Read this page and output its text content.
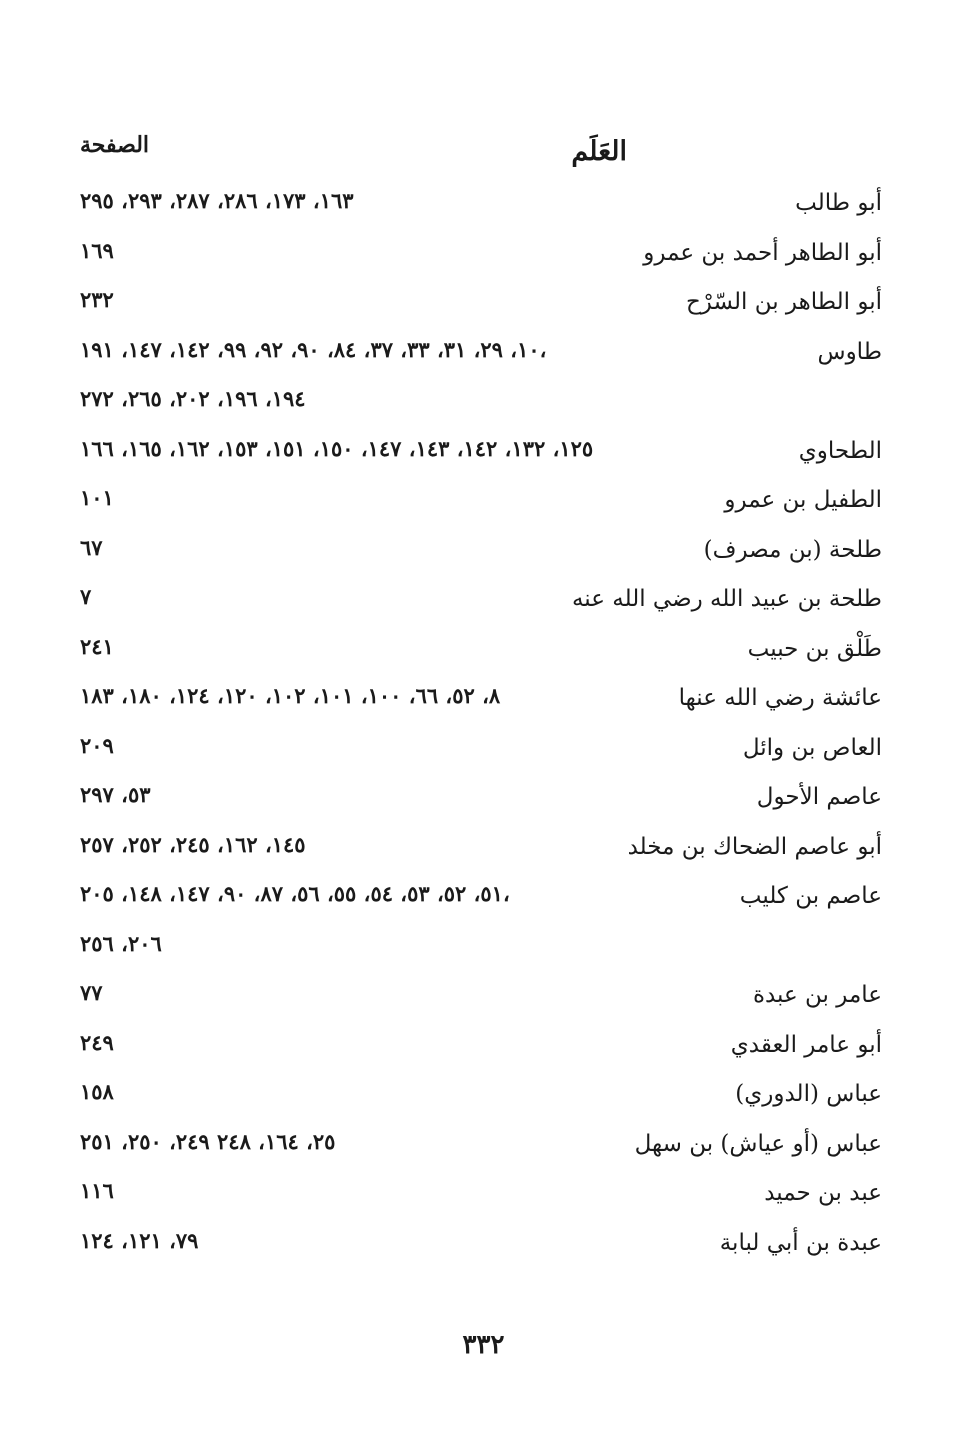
العَلَم
الصفحة
أبو طالب
١٦٣، ١٧٣، ٢٨٦، ٢٨٧، ٢٩٣، ٢٩٥
أبو الطاهر أحمد بن عمرو
١٦٩
أبو الطاهر بن السّرْح
٢٣٢
طاوس
١٠، ٢٩، ٣١، ٣٣، ٣٧، ٨٤، ٩٠، ٩٢، ٩٩، ١٤٢، ١٤٧، ١٩١،
١٩٤، ١٩٦، ٢٠٢، ٢٦٥، ٢٧٢
الطحاوي
١٢٥، ١٣٢، ١٤٢، ١٤٣، ١٤٧، ١٥٠، ١٥١، ١٥٣، ١٦٢، ١٦٥، ١٦٦
الطفيل بن عمرو
١٠١
طلحة (بن مصرف)
٦٧
طلحة بن عبيد الله رضي الله عنه
٧
طَلْق بن حبيب
٢٤١
عائشة رضي الله عنها
٨، ٥٢، ٦٦، ١٠٠، ١٠١، ١٠٢، ١٢٠، ١٢٤، ١٨٠، ١٨٣
العاص بن وائل
٢٠٩
عاصم الأحول
٥٣، ٢٩٧
أبو عاصم الضحاك بن مخلد
١٤٥، ١٦٢، ٢٤٥، ٢٥٢، ٢٥٧
عاصم بن كليب
٥١، ٥٢، ٥٣، ٥٤، ٥٥، ٥٦، ٨٧، ٩٠، ١٤٧، ١٤٨، ٢٠٥،
٢٠٦، ٢٥٦
عامر بن عبدة
٧٧
أبو عامر العقدي
٢٤٩
عباس (الدوري)
١٥٨
عباس (أو عياش) بن سهل
٢٥، ١٦٤، ٢٤٨ ٢٤٩، ٢٥٠، ٢٥١
عبد بن حميد
١١٦
عبدة بن أبي لبابة
٧٩، ١٢١، ١٢٤
٣٣٢
